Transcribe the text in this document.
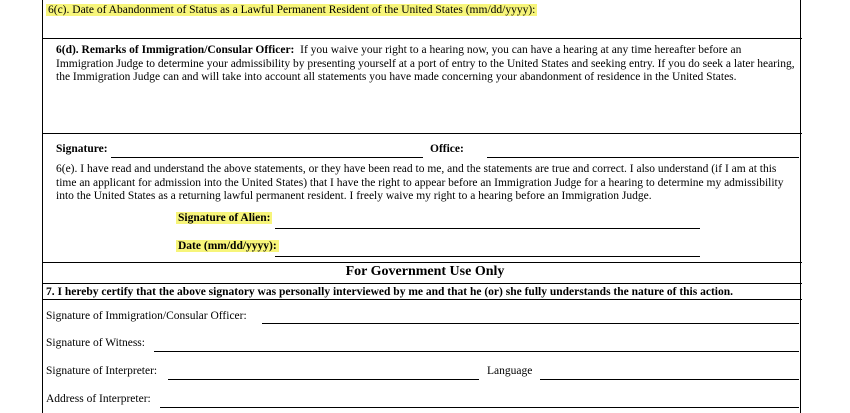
6(c). Date of Abandonment of Status as a Lawful Permanent Resident of the United States (mm/dd/yyyy):
6(d). Remarks of Immigration/Consular Officer: If you waive your right to a hearing now, you can have a hearing at any time hereafter before an Immigration Judge to determine your admissibility by presenting yourself at a port of entry to the United States and seeking entry. If you do seek a later hearing, the Immigration Judge can and will take into account all statements you have made concerning your abandonment of residence in the United States.
Signature:	Office:
6(e). I have read and understand the above statements, or they have been read to me, and the statements are true and correct. I also understand (if I am at this time an applicant for admission into the United States) that I have the right to appear before an Immigration Judge for a hearing to determine my admissibility into the United States as a returning lawful permanent resident. I freely waive my right to a hearing before an Immigration Judge.
Signature of Alien:
Date (mm/dd/yyyy):
For Government Use Only
7. I hereby certify that the above signatory was personally interviewed by me and that he (or) she fully understands the nature of this action.
Signature of Immigration/Consular Officer:
Signature of Witness:
Signature of Interpreter:	Language
Address of Interpreter:
